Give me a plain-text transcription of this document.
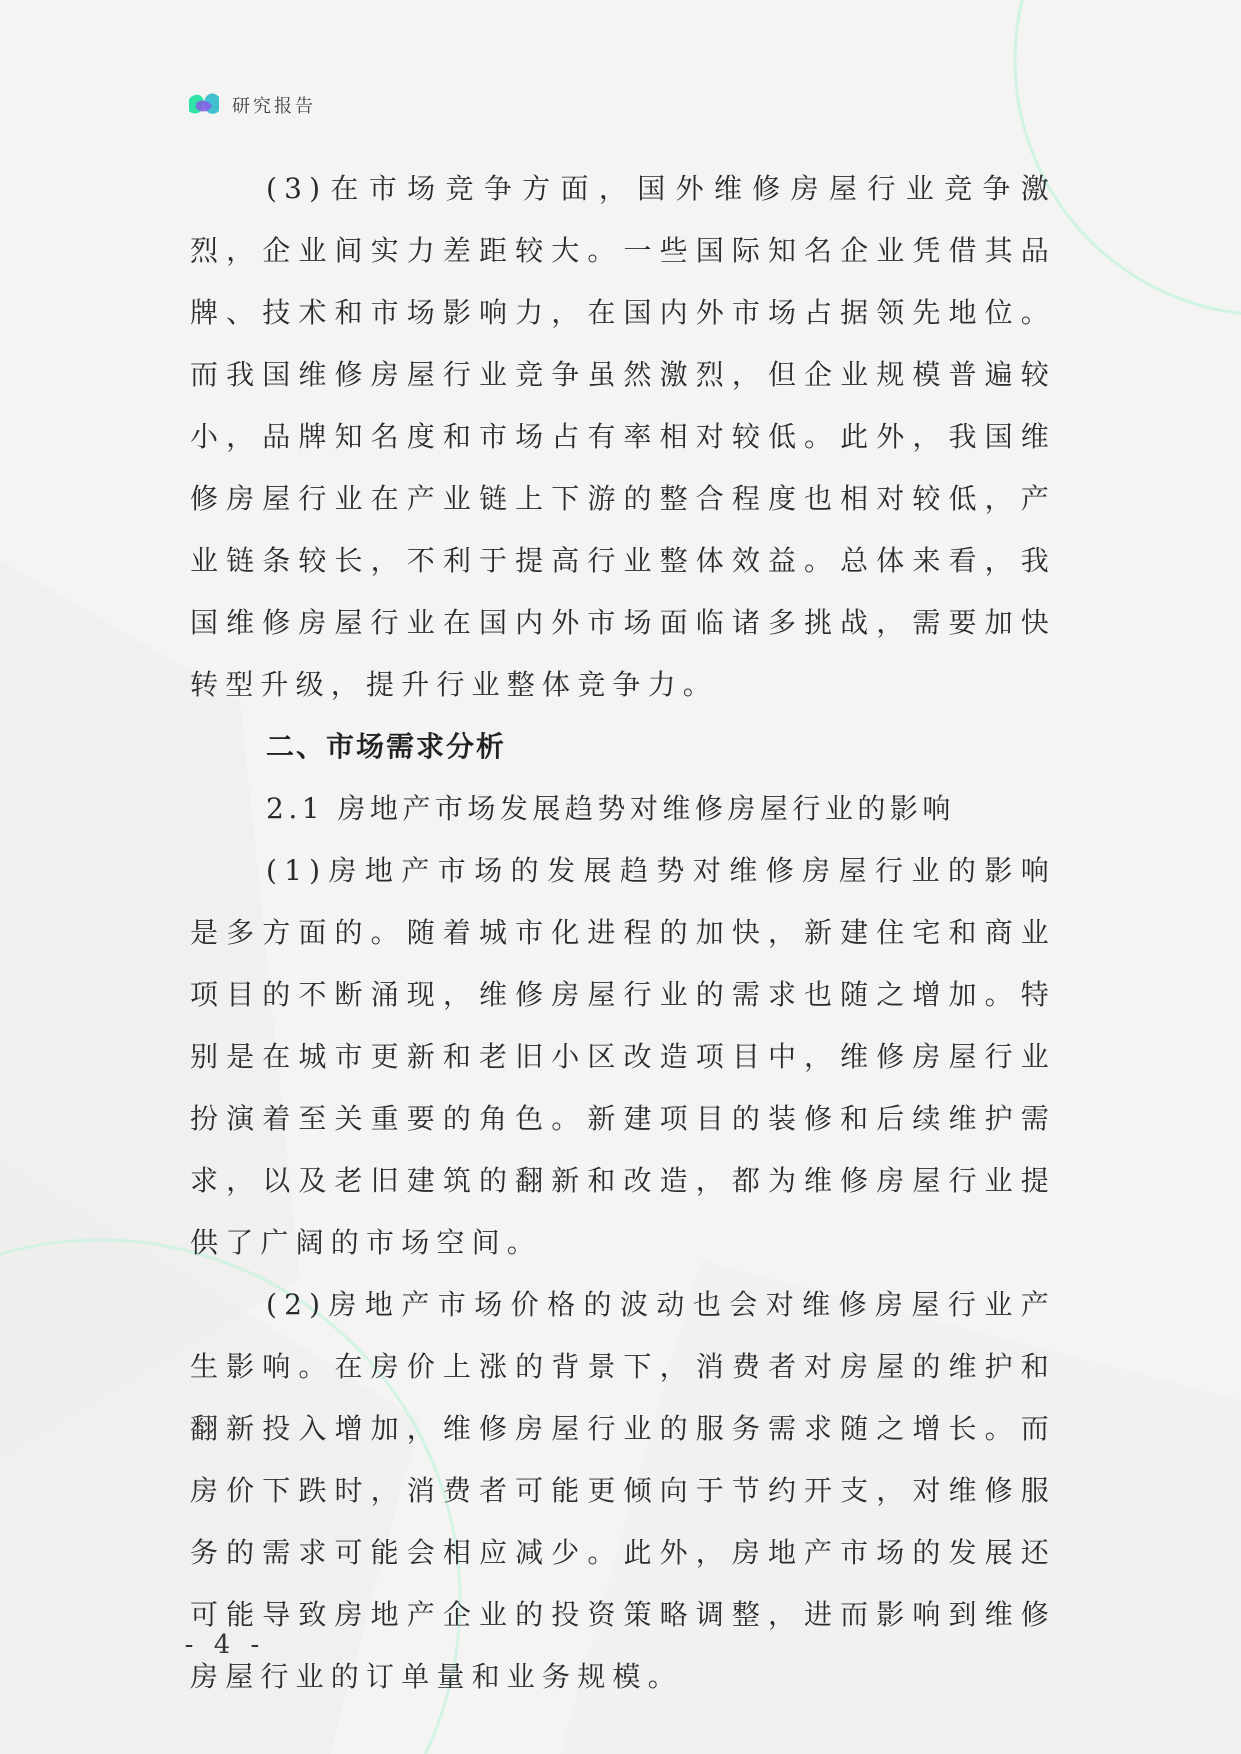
研究报告

(3)在市场竞争方面，国外维修房屋行业竞争激烈，企业间实力差距较大。一些国际知名企业凭借其品牌、技术和市场影响力，在国内外市场占据领先地位。而我国维修房屋行业竞争虽然激烈，但企业规模普遍较小，品牌知名度和市场占有率相对较低。此外，我国维修房屋行业在产业链上下游的整合程度也相对较低，产业链条较长，不利于提高行业整体效益。总体来看，我国维修房屋行业在国内外市场面临诸多挑战，需要加快转型升级，提升行业整体竞争力。

二、市场需求分析

2.1 房地产市场发展趋势对维修房屋行业的影响

(1)房地产市场的发展趋势对维修房屋行业的影响是多方面的。随着城市化进程的加快，新建住宅和商业项目的不断涌现，维修房屋行业的需求也随之增加。特别是在城市更新和老旧小区改造项目中，维修房屋行业扮演着至关重要的角色。新建项目的装修和后续维护需求，以及老旧建筑的翻新和改造，都为维修房屋行业提供了广阔的市场空间。

(2)房地产市场价格的波动也会对维修房屋行业产生影响。在房价上涨的背景下，消费者对房屋的维护和翻新投入增加，维修房屋行业的服务需求随之增长。而房价下跌时，消费者可能更倾向于节约开支，对维修服务的需求可能会相应减少。此外，房地产市场的发展还可能导致房地产企业的投资策略调整，进而影响到维修房屋行业的订单量和业务规模。

- 4 -
